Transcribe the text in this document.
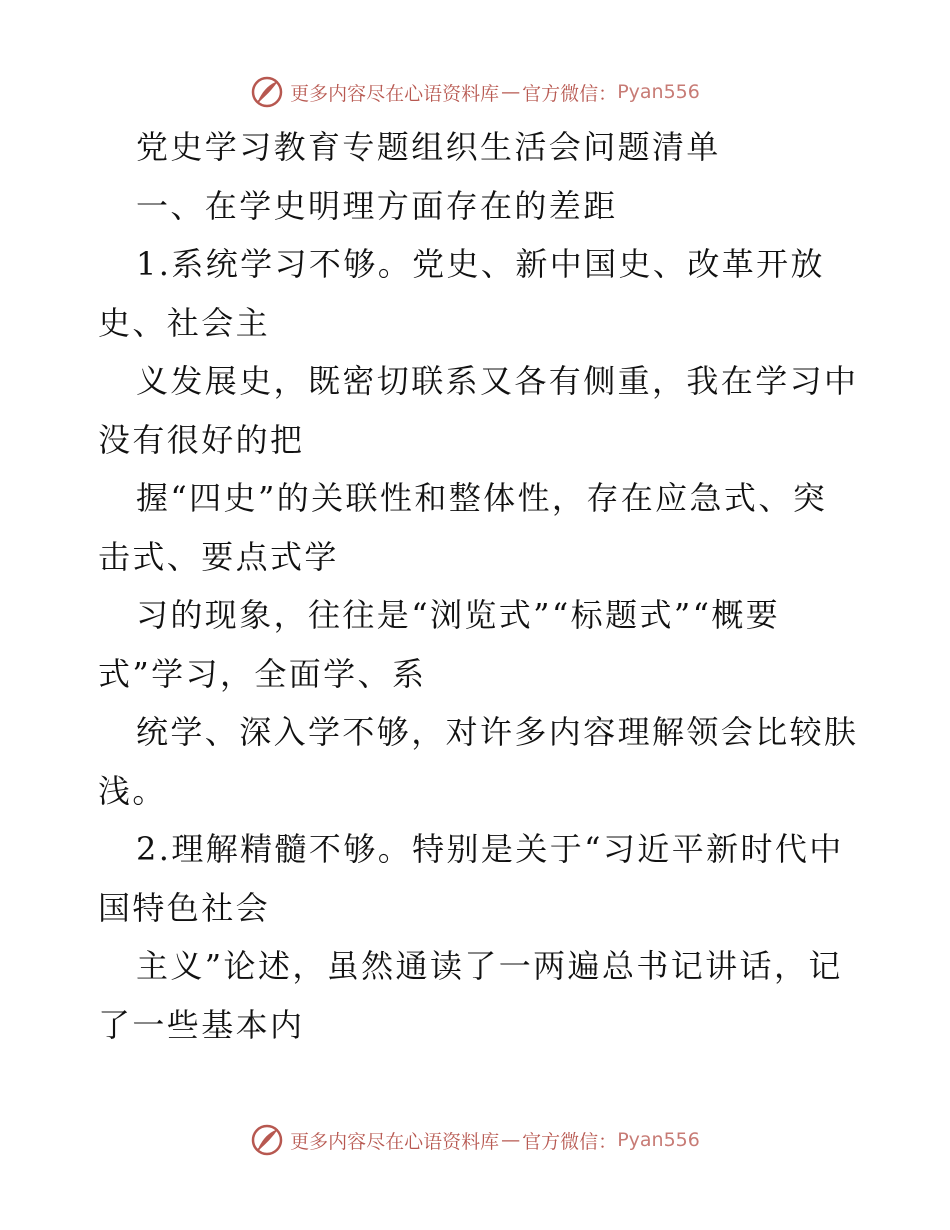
更多内容尽在心语资料库 — 官方微信： Pyan556
党史学习教育专题组织生活会问题清单
一、在学史明理方面存在的差距
1.系统学习不够。党史、新中国史、改革开放
史、社会主
义发展史，既密切联系又各有侧重，我在学习中
没有很好的把
握“四史”的关联性和整体性，存在应急式、突
击式、要点式学
习的现象，往往是“浏览式”“标题式”“概要
式”学习，全面学、系
统学、深入学不够，对许多内容理解领会比较肤
浅。
2.理解精髓不够。特别是关于“习近平新时代中
国特色社会
主义”论述，虽然通读了一两遍总书记讲话，记
了一些基本内
更多内容尽在心语资料库 — 官方微信： Pyan556
